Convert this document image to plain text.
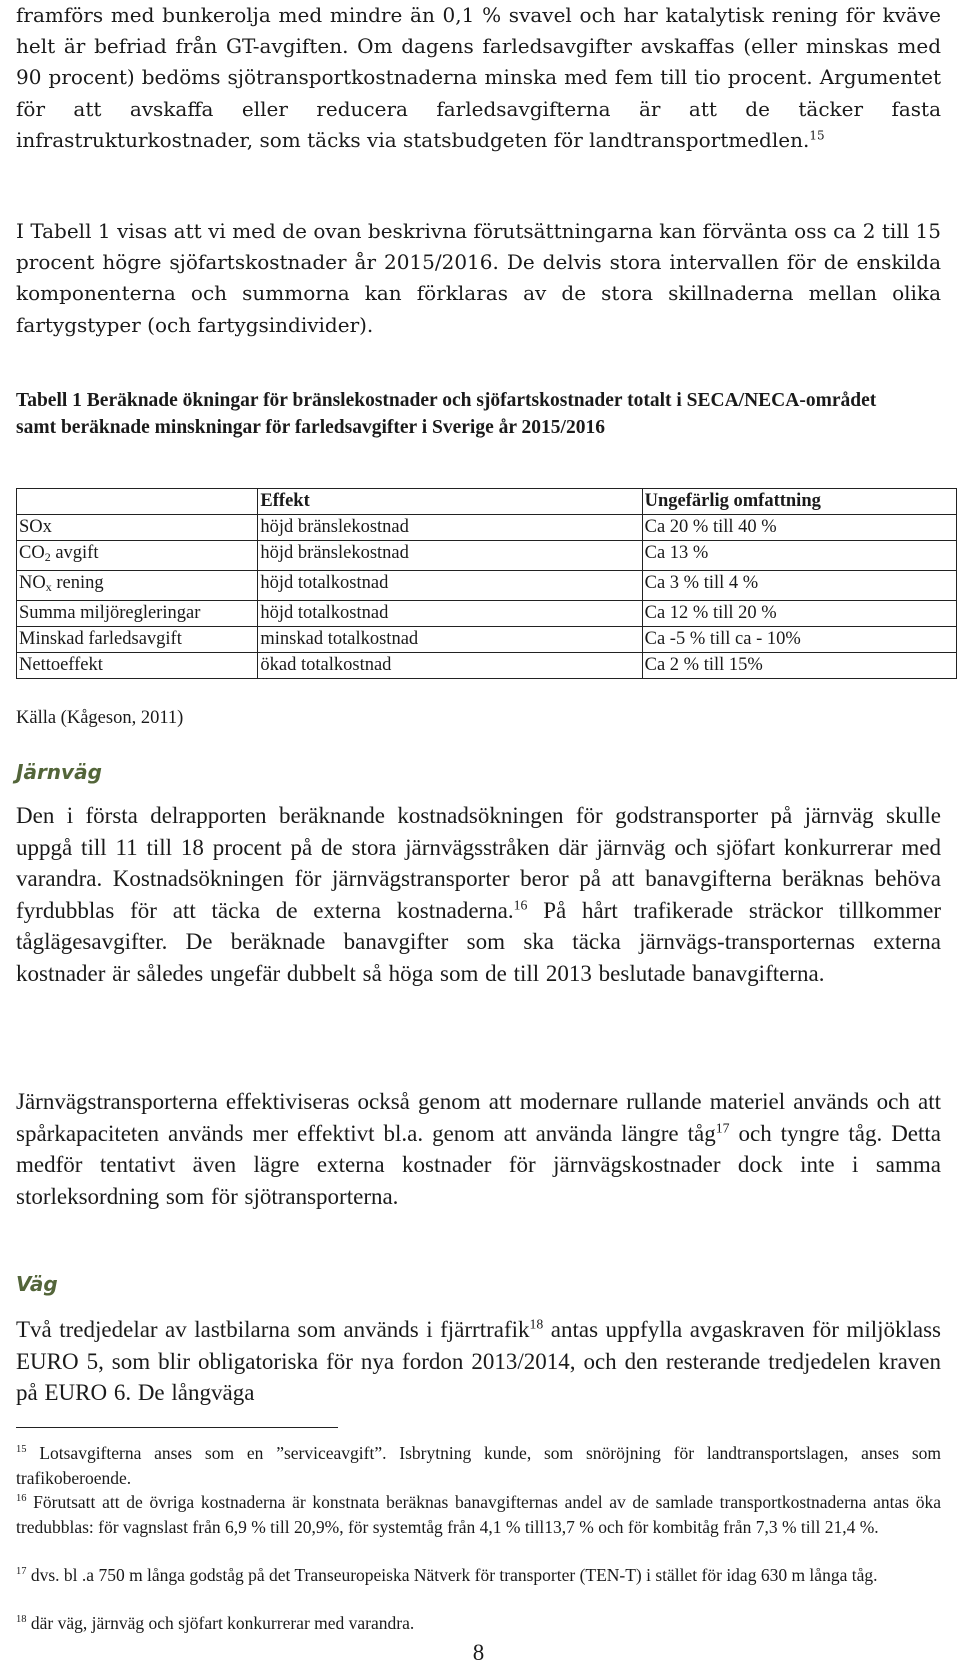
framförs med bunkerolja med mindre än 0,1 % svavel och har katalytisk rening för kväve helt är befriad från GT-avgiften. Om dagens farledsavgifter avskaffas (eller minskas med 90 procent) bedöms sjötransportkostnaderna minska med fem till tio procent. Argumentet för att avskaffa eller reducera farledsavgifterna är att de täcker fasta infrastrukturkostnader, som täcks via statsbudgeten för landtransportmedlen.$^{15}$

I Tabell 1 visas att vi med de ovan beskrivna förutsättningarna kan förvänta oss ca 2 till 15 procent högre sjöfartskostnader år 2015/2016. De delvis stora intervallen för de enskilda komponenterna och summorna kan förklaras av de stora skillnaderna mellan olika fartygstyper (och fartygsindivider).

Tabell 1 Beräknade ökningar för bränslekostnader och sjöfartskostnader totalt i SECA/NECA-området samt beräknade minskningar för farledsavgifter i Sverige år 2015/2016

	Effekt	Ungefärlig omfattning
SOx	höjd bränslekostnad	Ca 20 % till 40 %
$CO_2$ avgift	höjd bränslekostnad	Ca 13 %
$NO_x$ rening	höjd totalkostnad	Ca 3 % till 4 %
Summa miljöregleringar	höjd totalkostnad	Ca 12 % till 20 %
Minskad farledsavgift	minskad totalkostnad	Ca -5 % till ca - 10%
Nettoeffekt	ökad totalkostnad	Ca 2 % till 15%

Källa (Kågeson, 2011)

Järnväg

Den i första delrapporten beräknande kostnadsökningen för godstransporter på järnväg skulle uppgå till 11 till 18 procent på de stora järnvägsstråken där järnväg och sjöfart konkurrerar med varandra. Kostnadsökningen för järnvägstransporter beror på att banavgifterna beräknas behöva fyrdubblas för att täcka de externa kostnaderna.$^{16}$ På hårt trafikerade sträckor tillkommer tåglägesavgifter. De beräknade banavgifter som ska täcka järnvägs-transporternas externa kostnader är således ungefär dubbelt så höga som de till 2013 beslutade banavgifterna.

Järnvägstransporterna effektiviseras också genom att modernare rullande materiel används och att spårkapaciteten används mer effektivt bl.a. genom att använda längre tåg$^{17}$ och tyngre tåg. Detta medför tentativt även lägre externa kostnader för järnvägskostnader dock inte i samma storleksordning som för sjötransporterna.

Väg

Två tredjedelar av lastbilarna som används i fjärrtrafik$^{18}$ antas uppfylla avgaskraven för miljöklass EURO 5, som blir obligatoriska för nya fordon 2013/2014, och den resterande tredjedelen kraven på EURO 6. De långväga

$^{15}$ Lotsavgifterna anses som en ”serviceavgift”. Isbrytning kunde, som snöröjning för landtransportslagen, anses som trafikoberoende.

$^{16}$ Förutsatt att de övriga kostnaderna är konstnata beräknas banavgifternas andel av de samlade transportkostnaderna antas öka tredubblas: för vagnslast från 6,9 % till 20,9%, för systemtåg från 4,1 % till13,7 % och för kombitåg från 7,3 % till 21,4 %.

$^{17}$ dvs. bl .a 750 m långa godståg på det Transeuropeiska Nätverk för transporter (TEN-T) i stället för idag 630 m långa tåg.

$^{18}$ där väg, järnväg och sjöfart konkurrerar med varandra.

8
